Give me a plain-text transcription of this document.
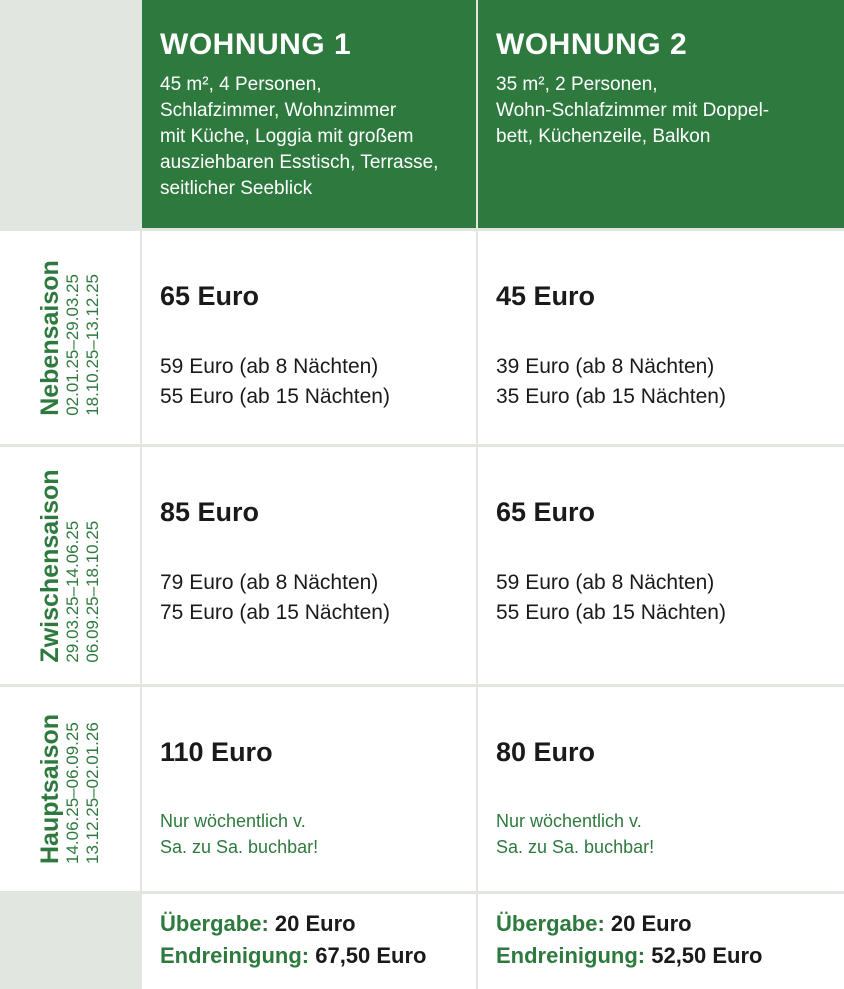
WOHNUNG 1
45 m², 4 Personen,
Schlafzimmer, Wohnzimmer
mit Küche, Loggia mit großem
ausziehbaren Esstisch, Terrasse,
seitlicher Seeblick
WOHNUNG 2
35 m², 2 Personen,
Wohn-Schlafzimmer mit Doppel-
bett, Küchenzeile, Balkon
Nebensaison 02.01.25–29.03.25
18.10.25–13.12.25 65 Euro
59 Euro (ab 8 Nächten)
55 Euro (ab 15 Nächten)
45 Euro
39 Euro (ab 8 Nächten)
35 Euro (ab 15 Nächten)
Zwischensaison 29.03.25–14.06.25
06.09.25–18.10.25
85 Euro
79 Euro (ab 8 Nächten)
75 Euro (ab 15 Nächten)
65 Euro
59 Euro (ab 8 Nächten)
55 Euro (ab 15 Nächten)
Hauptsaison 14.06.25–06.09.25
13.12.25–02.01.26 110 Euro
Nur wöchentlich v.
Sa. zu Sa. buchbar!
80 Euro
Nur wöchentlich v.
Sa. zu Sa. buchbar!
Übergabe: 20 Euro
Endreinigung: 67,50 Euro
Übergabe: 20 Euro
Endreinigung: 52,50 Euro
